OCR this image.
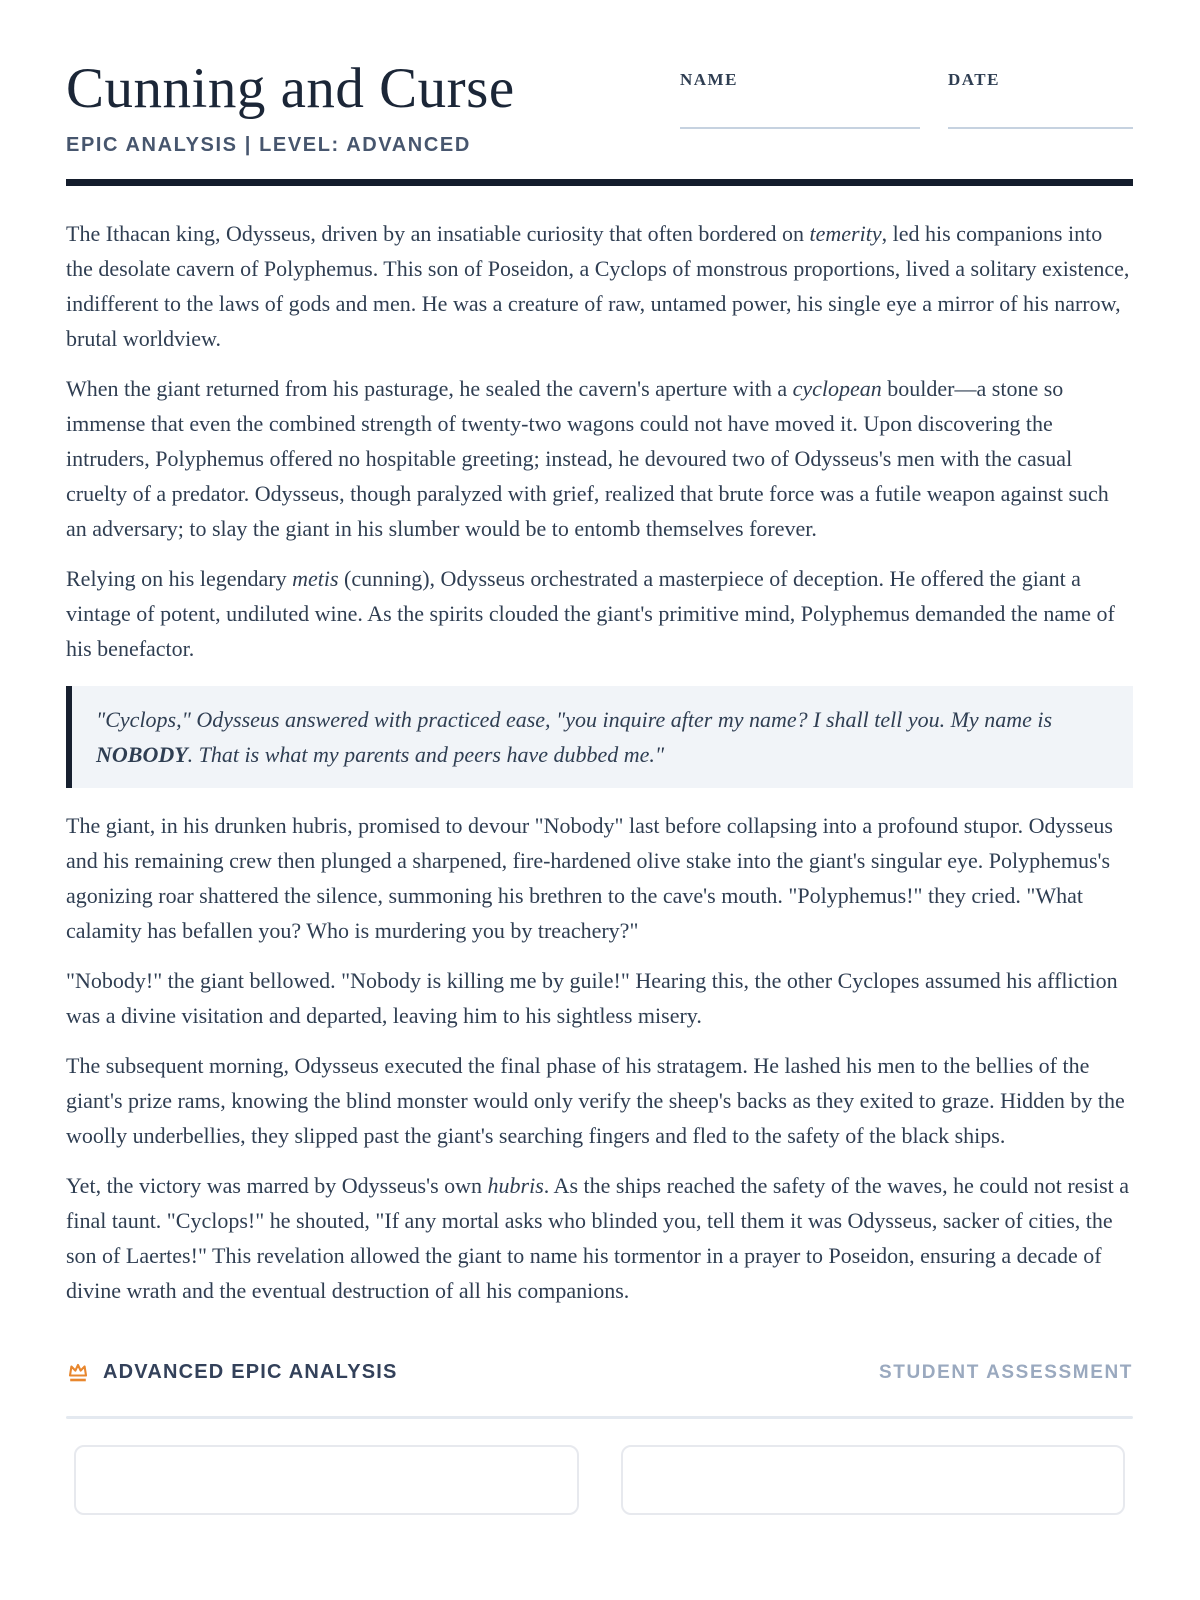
Cunning and Curse
EPIC ANALYSIS | LEVEL: ADVANCED
NAME	DATE

The Ithacan king, Odysseus, driven by an insatiable curiosity that often bordered on temerity, led his companions into the desolate cavern of Polyphemus. This son of Poseidon, a Cyclops of monstrous proportions, lived a solitary existence, indifferent to the laws of gods and men. He was a creature of raw, untamed power, his single eye a mirror of his narrow, brutal worldview.

When the giant returned from his pasturage, he sealed the cavern's aperture with a cyclopean boulder—a stone so immense that even the combined strength of twenty-two wagons could not have moved it. Upon discovering the intruders, Polyphemus offered no hospitable greeting; instead, he devoured two of Odysseus's men with the casual cruelty of a predator. Odysseus, though paralyzed with grief, realized that brute force was a futile weapon against such an adversary; to slay the giant in his slumber would be to entomb themselves forever.

Relying on his legendary metis (cunning), Odysseus orchestrated a masterpiece of deception. He offered the giant a vintage of potent, undiluted wine. As the spirits clouded the giant's primitive mind, Polyphemus demanded the name of his benefactor.

"Cyclops," Odysseus answered with practiced ease, "you inquire after my name? I shall tell you. My name is NOBODY. That is what my parents and peers have dubbed me."

The giant, in his drunken hubris, promised to devour "Nobody" last before collapsing into a profound stupor. Odysseus and his remaining crew then plunged a sharpened, fire-hardened olive stake into the giant's singular eye. Polyphemus's agonizing roar shattered the silence, summoning his brethren to the cave's mouth. "Polyphemus!" they cried. "What calamity has befallen you? Who is murdering you by treachery?"

"Nobody!" the giant bellowed. "Nobody is killing me by guile!" Hearing this, the other Cyclopes assumed his affliction was a divine visitation and departed, leaving him to his sightless misery.

The subsequent morning, Odysseus executed the final phase of his stratagem. He lashed his men to the bellies of the giant's prize rams, knowing the blind monster would only verify the sheep's backs as they exited to graze. Hidden by the woolly underbellies, they slipped past the giant's searching fingers and fled to the safety of the black ships.

Yet, the victory was marred by Odysseus's own hubris. As the ships reached the safety of the waves, he could not resist a final taunt. "Cyclops!" he shouted, "If any mortal asks who blinded you, tell them it was Odysseus, sacker of cities, the son of Laertes!" This revelation allowed the giant to name his tormentor in a prayer to Poseidon, ensuring a decade of divine wrath and the eventual destruction of all his companions.

ADVANCED EPIC ANALYSIS	STUDENT ASSESSMENT
